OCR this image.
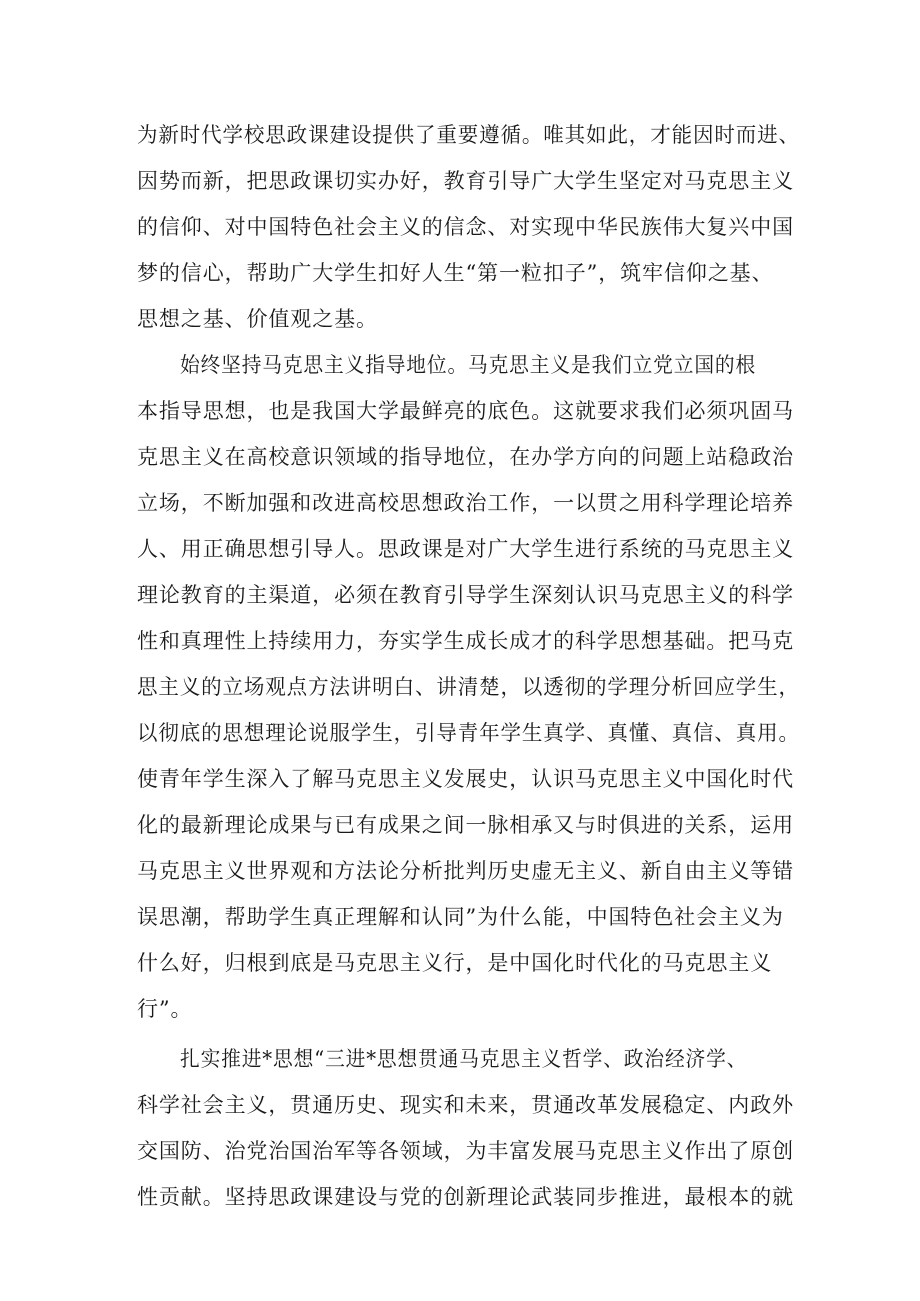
为新时代学校思政课建设提供了重要遵循。唯其如此，才能因时而进、
因势而新，把思政课切实办好，教育引导广大学生坚定对马克思主义
的信仰、对中国特色社会主义的信念、对实现中华民族伟大复兴中国
梦的信心，帮助广大学生扣好人生“第一粒扣子”，筑牢信仰之基、
思想之基、价值观之基。
始终坚持马克思主义指导地位。马克思主义是我们立党立国的根
本指导思想，也是我国大学最鲜亮的底色。这就要求我们必须巩固马
克思主义在高校意识领域的指导地位，在办学方向的问题上站稳政治
立场，不断加强和改进高校思想政治工作，一以贯之用科学理论培养
人、用正确思想引导人。思政课是对广大学生进行系统的马克思主义
理论教育的主渠道，必须在教育引导学生深刻认识马克思主义的科学
性和真理性上持续用力，夯实学生成长成才的科学思想基础。把马克
思主义的立场观点方法讲明白、讲清楚，以透彻的学理分析回应学生，
以彻底的思想理论说服学生，引导青年学生真学、真懂、真信、真用。
使青年学生深入了解马克思主义发展史，认识马克思主义中国化时代
化的最新理论成果与已有成果之间一脉相承又与时俱进的关系，运用
马克思主义世界观和方法论分析批判历史虚无主义、新自由主义等错
误思潮，帮助学生真正理解和认同”为什么能，中国特色社会主义为
什么好，归根到底是马克思主义行，是中国化时代化的马克思主义
行”。
扎实推进*思想“三进*思想贯通马克思主义哲学、政治经济学、
科学社会主义，贯通历史、现实和未来，贯通改革发展稳定、内政外
交国防、治党治国治军等各领域，为丰富发展马克思主义作出了原创
性贡献。坚持思政课建设与党的创新理论武装同步推进，最根本的就
